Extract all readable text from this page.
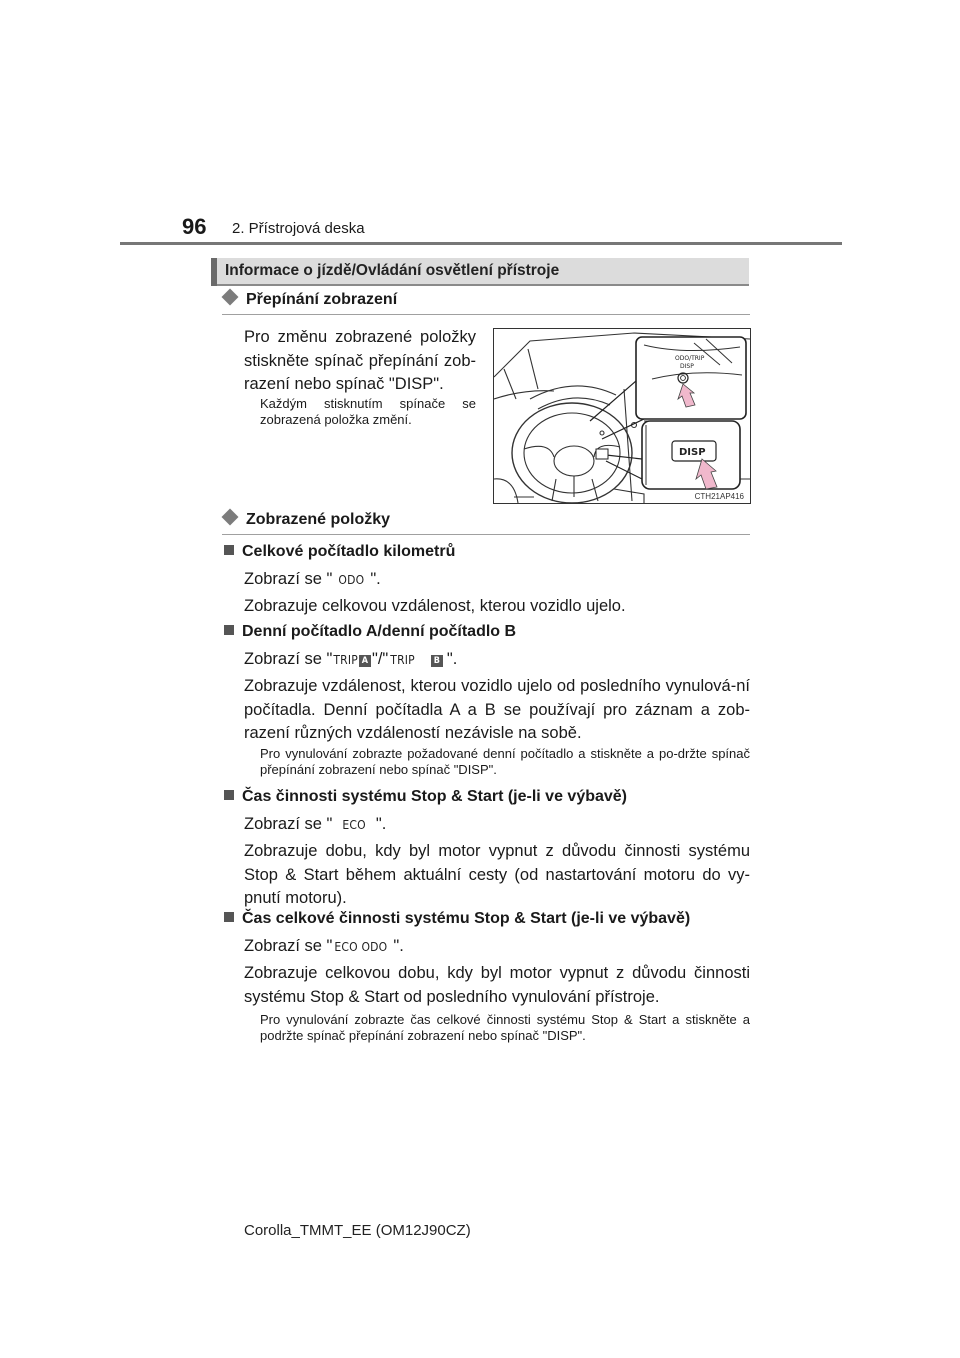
96 2. Přístrojová deska
Informace o jízdě/Ovládání osvětlení přístroje
Přepínání zobrazení
Pro změnu zobrazené položky stiskněte spínač přepínání zob-razení nebo spínač "DISP".
Každým stisknutím spínače se zobrazená položka změní.
ODO/TRIP
DISP
DISP
CTH21AP416
Zobrazené položky
Celkové počítadlo kilometrů
Zobrazí se " ODO ".
Zobrazuje celkovou vzdálenost, kterou vozidlo ujelo.
Denní počítadlo A/denní počítadlo B
Zobrazí se "TRIP A "/" TRIP B ".
Zobrazuje vzdálenost, kterou vozidlo ujelo od posledního vynulová-ní počítadla. Denní počítadla A a B se používají pro záznam a zob-razení různých vzdáleností nezávisle na sobě.
Pro vynulování zobrazte požadované denní počítadlo a stiskněte a po-držte spínač přepínání zobrazení nebo spínač "DISP".
Čas činnosti systému Stop & Start (je-li ve výbavě)
Zobrazí se " ECO ".
Zobrazuje dobu, kdy byl motor vypnut z důvodu činnosti systému Stop & Start během aktuální cesty (od nastartování motoru do vy-pnutí motoru).
Čas celkové činnosti systému Stop & Start (je-li ve výbavě)
Zobrazí se " ECO ODO ".
Zobrazuje celkovou dobu, kdy byl motor vypnut z důvodu činnosti systému Stop & Start od posledního vynulování přístroje.
Pro vynulování zobrazte čas celkové činnosti systému Stop & Start a stiskněte a podržte spínač přepínání zobrazení nebo spínač "DISP".
Corolla_TMMT_EE (OM12J90CZ)
